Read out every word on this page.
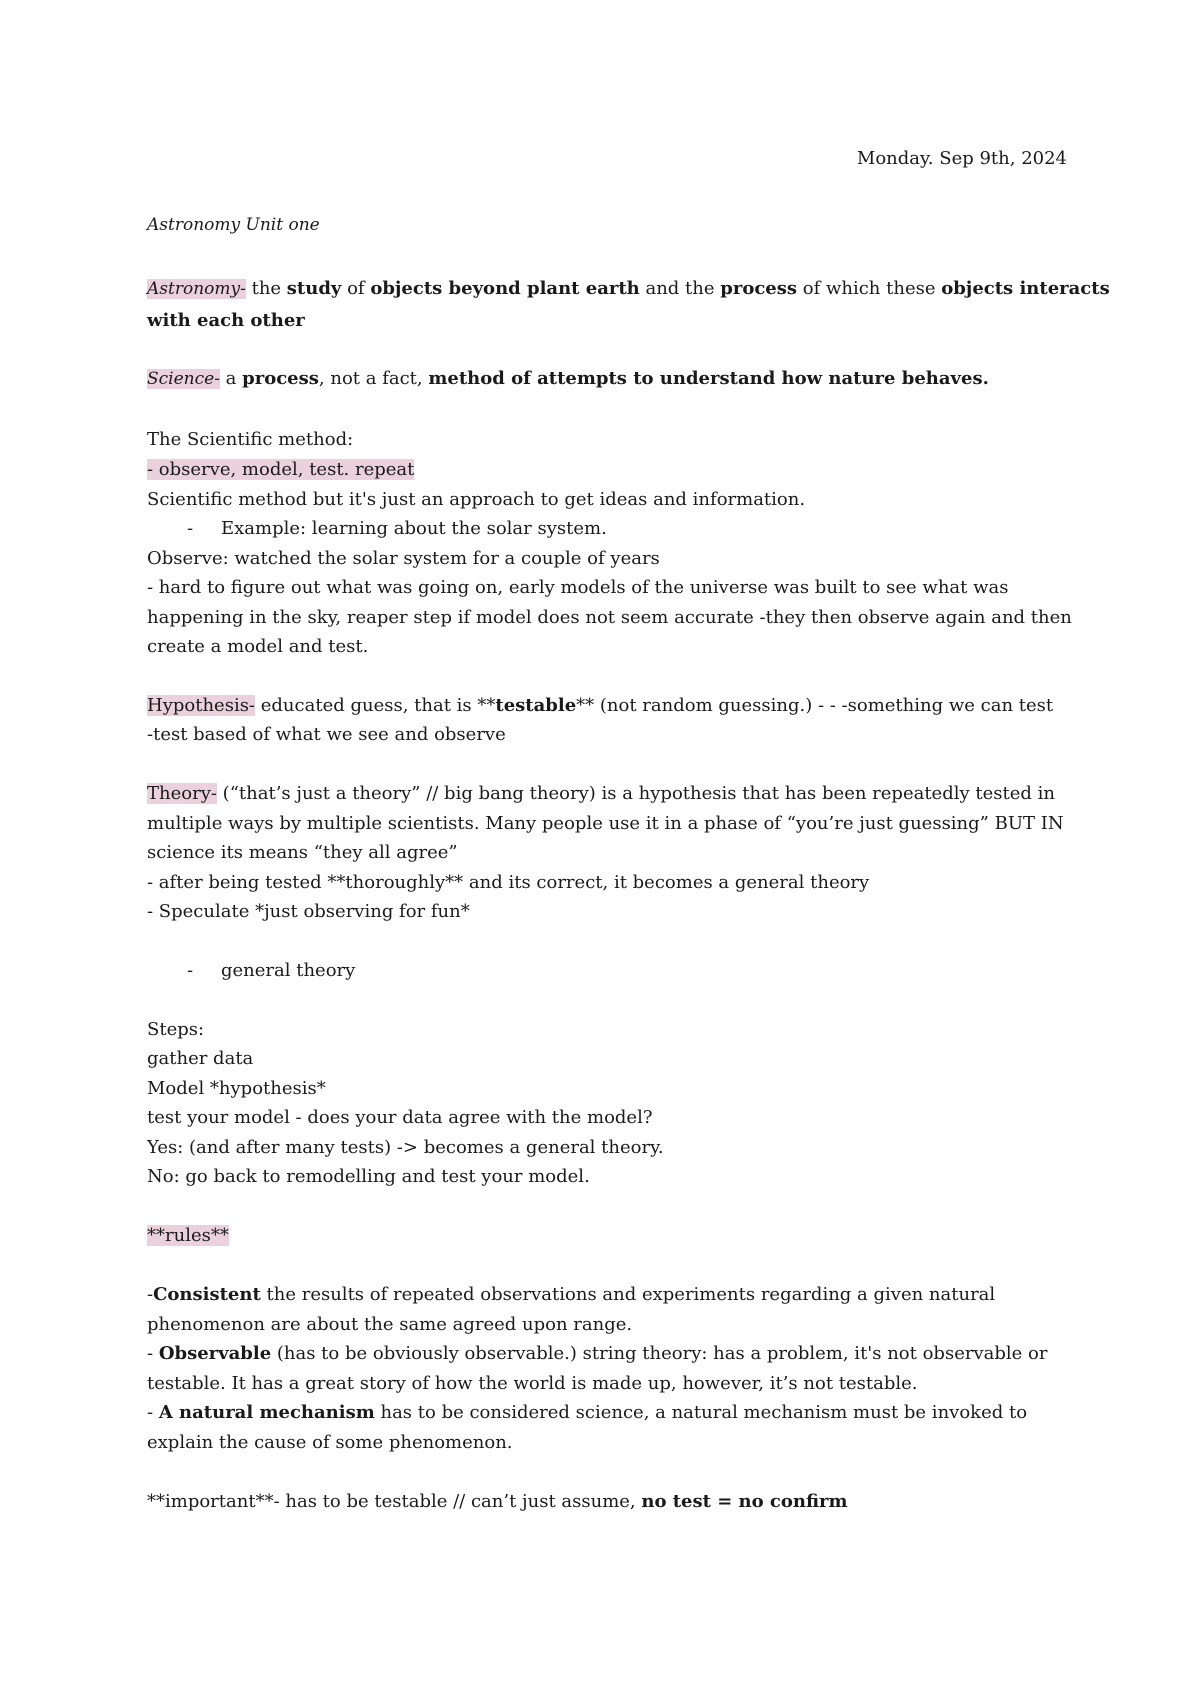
Monday. Sep 9th, 2024
Astronomy Unit one
Astronomy- the study of objects beyond plant earth and the process of which these objects interacts
with each other
Science- a process, not a fact, method of attempts to understand how nature behaves.
The Scientific method:
- observe, model, test. repeat
Scientific method but it's just an approach to get ideas and information.
- Example: learning about the solar system.
Observe: watched the solar system for a couple of years
- hard to figure out what was going on, early models of the universe was built to see what was
happening in the sky, reaper step if model does not seem accurate -they then observe again and then
create a model and test.
Hypothesis- educated guess, that is **testable** (not random guessing.) - - -something we can test
-test based of what we see and observe
Theory- (“that’s just a theory” // big bang theory) is a hypothesis that has been repeatedly tested in
multiple ways by multiple scientists. Many people use it in a phase of “you’re just guessing” BUT IN
science its means “they all agree”
- after being tested **thoroughly** and its correct, it becomes a general theory
- Speculate *just observing for fun*
- general theory
Steps:
gather data
Model *hypothesis*
test your model - does your data agree with the model?
Yes: (and after many tests) -> becomes a general theory.
No: go back to remodelling and test your model.
**rules**
-Consistent the results of repeated observations and experiments regarding a given natural
phenomenon are about the same agreed upon range.
- Observable (has to be obviously observable.) string theory: has a problem, it's not observable or
testable. It has a great story of how the world is made up, however, it’s not testable.
- A natural mechanism has to be considered science, a natural mechanism must be invoked to
explain the cause of some phenomenon.
**important**- has to be testable // can’t just assume, no test = no confirm
